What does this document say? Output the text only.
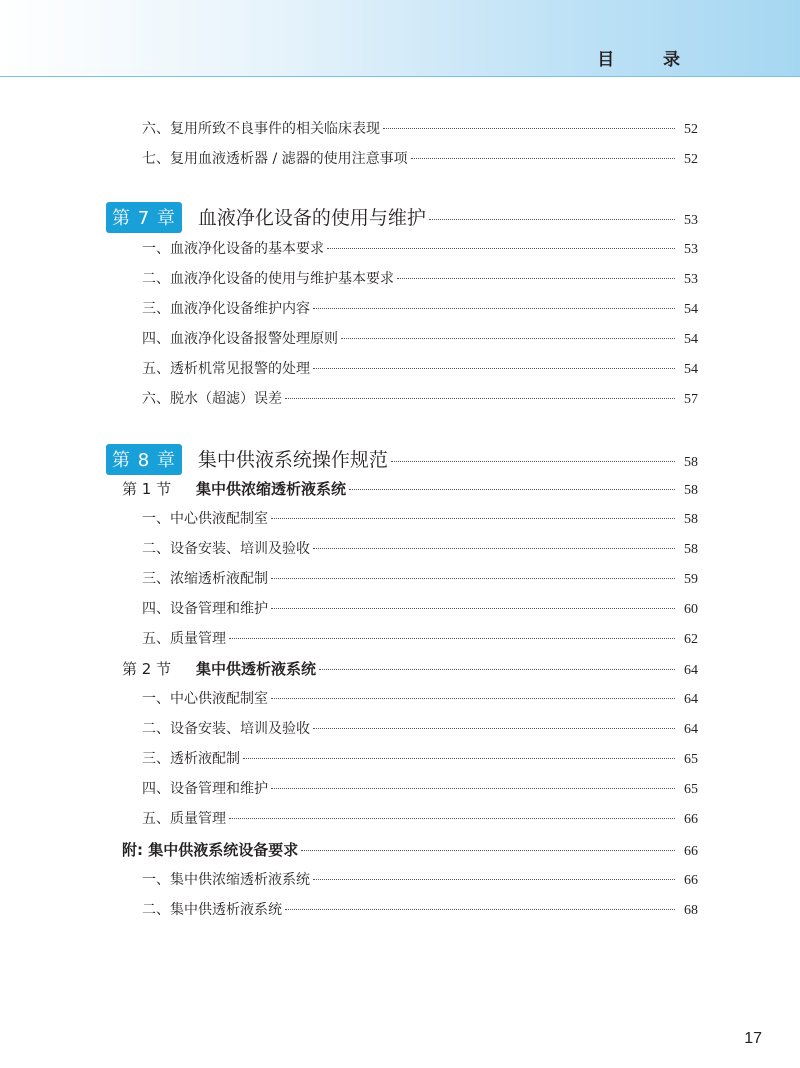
目 录
六、复用所致不良事件的相关临床表现	52
七、复用血液透析器 / 滤器的使用注意事项	52
第 7 章 血液净化设备的使用与维护	53
一、血液净化设备的基本要求	53
二、血液净化设备的使用与维护基本要求	53
三、血液净化设备维护内容	54
四、血液净化设备报警处理原则	54
五、透析机常见报警的处理	54
六、脱水（超滤）误差	57
第 8 章 集中供液系统操作规范	58
第 1 节 集中供浓缩透析液系统	58
一、中心供液配制室	58
二、设备安装、培训及验收	58
三、浓缩透析液配制	59
四、设备管理和维护	60
五、质量管理	62
第 2 节 集中供透析液系统	64
一、中心供液配制室	64
二、设备安装、培训及验收	64
三、透析液配制	65
四、设备管理和维护	65
五、质量管理	66
附: 集中供液系统设备要求	66
一、集中供浓缩透析液系统	66
二、集中供透析液系统	68
17
